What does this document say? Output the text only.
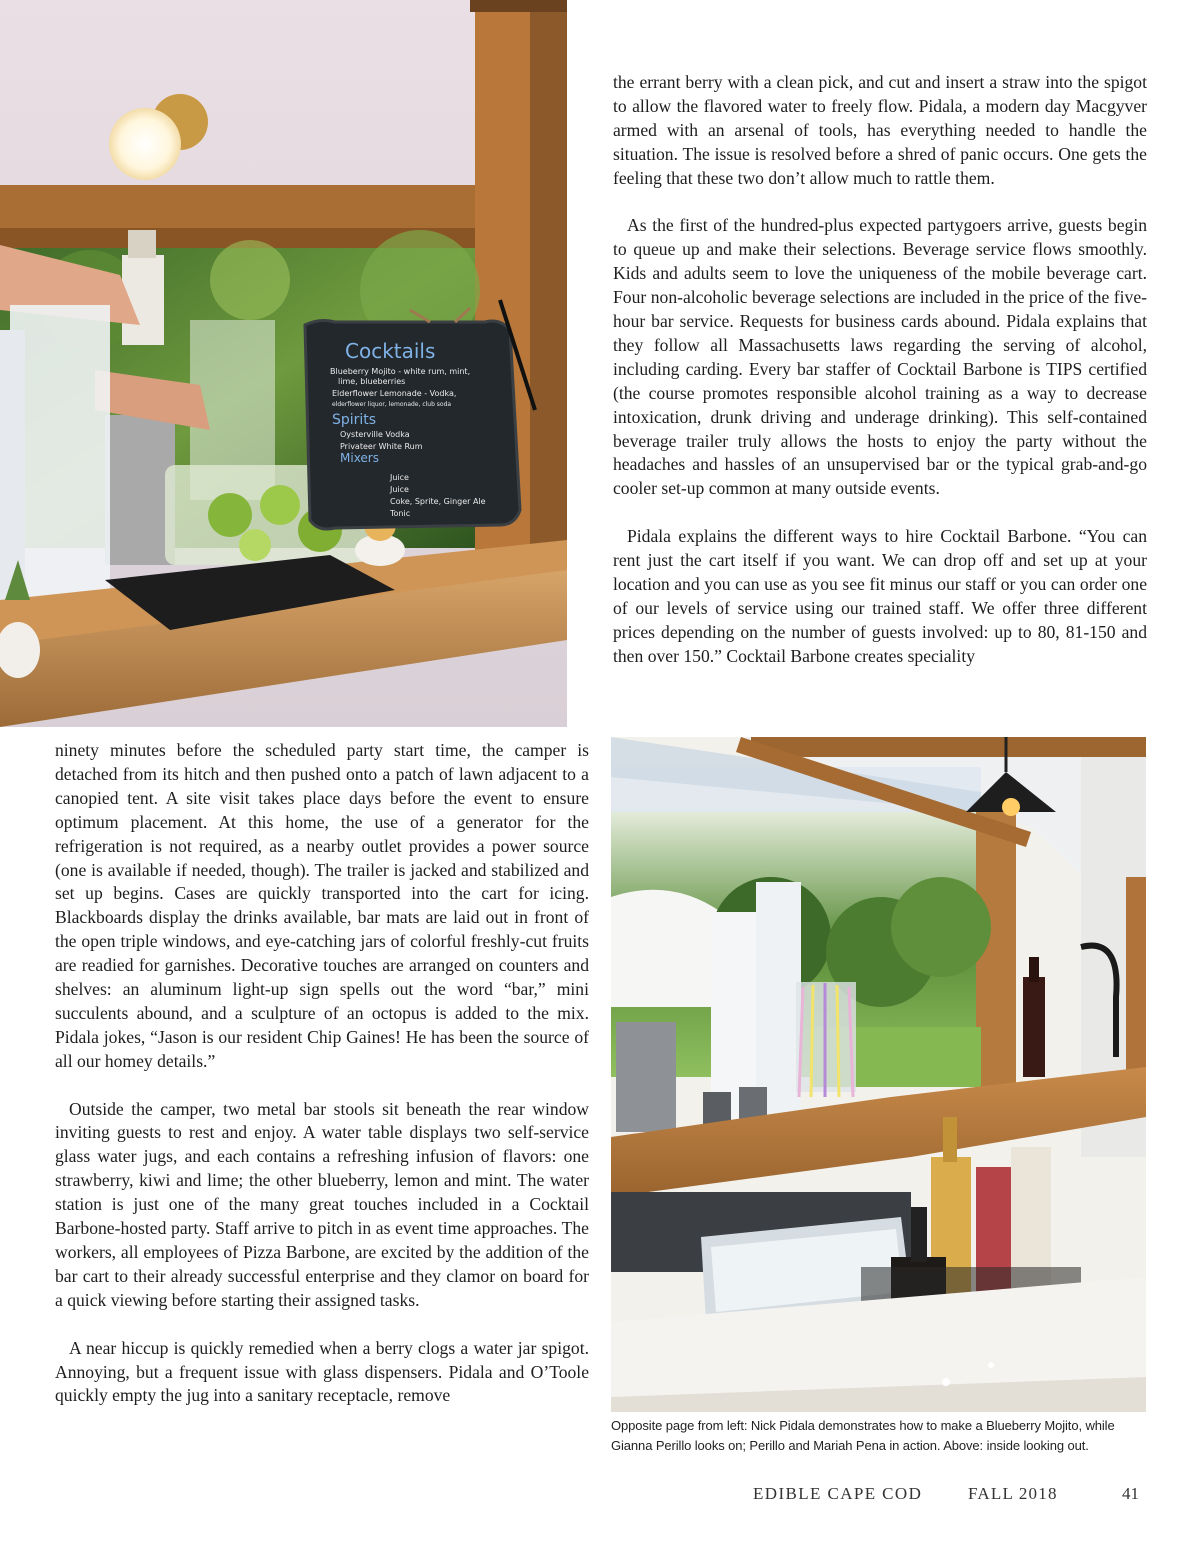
Cocktails
Blueberry Mojito - white rum, mint,
lime, blueberries
Elderflower Lemonade - Vodka,
elderflower liquor, lemonade, club soda
Spirits
Oysterville Vodka
Privateer White Rum
Mixers
Juice
Juice
Coke, Sprite, Ginger Ale
Tonic

the errant berry with a clean pick, and cut and insert a straw into the spigot to allow the flavored water to freely flow. Pidala, a modern day Macgyver armed with an arsenal of tools, has everything needed to handle the situation. The issue is resolved before a shred of panic occurs. One gets the feeling that these two don’t allow much to rattle them.

As the first of the hundred-plus expected partygoers arrive, guests begin to queue up and make their selections. Beverage service flows smoothly. Kids and adults seem to love the uniqueness of the mobile beverage cart. Four non-alcoholic beverage selections are included in the price of the five-hour bar service. Requests for business cards abound. Pidala explains that they follow all Massachusetts laws regarding the serving of alcohol, including carding. Every bar staffer of Cocktail Barbone is TIPS certified (the course promotes responsible alcohol training as a way to decrease intoxication, drunk driving and underage drinking). This self-contained beverage trailer truly allows the hosts to enjoy the party without the headaches and hassles of an unsupervised bar or the typical grab-and-go cooler set-up common at many outside events.

Pidala explains the different ways to hire Cocktail Barbone. “You can rent just the cart itself if you want. We can drop off and set up at your location and you can use as you see fit minus our staff or you can order one of our levels of service using our trained staff. We offer three different prices depending on the number of guests involved: up to 80, 81-150 and then over 150.” Cocktail Barbone creates speciality

ninety minutes before the scheduled party start time, the camper is detached from its hitch and then pushed onto a patch of lawn adjacent to a canopied tent. A site visit takes place days before the event to ensure optimum placement. At this home, the use of a generator for the refrigeration is not required, as a nearby outlet provides a power source (one is available if needed, though). The trailer is jacked and stabilized and set up begins. Cases are quickly transported into the cart for icing. Blackboards display the drinks available, bar mats are laid out in front of the open triple windows, and eye-catching jars of colorful freshly-cut fruits are readied for garnishes. Decorative touches are arranged on counters and shelves: an aluminum light-up sign spells out the word “bar,” mini succulents abound, and a sculpture of an octopus is added to the mix. Pidala jokes, “Jason is our resident Chip Gaines! He has been the source of all our homey details.”

Outside the camper, two metal bar stools sit beneath the rear window inviting guests to rest and enjoy. A water table displays two self-service glass water jugs, and each contains a refreshing infusion of flavors: one strawberry, kiwi and lime; the other blueberry, lemon and mint. The water station is just one of the many great touches included in a Cocktail Barbone-hosted party. Staff arrive to pitch in as event time approaches. The workers, all employees of Pizza Barbone, are excited by the addition of the bar cart to their already successful enterprise and they clamor on board for a quick viewing before starting their assigned tasks.

A near hiccup is quickly remedied when a berry clogs a water jar spigot. Annoying, but a frequent issue with glass dispensers. Pidala and O’Toole quickly empty the jug into a sanitary receptacle, remove

Opposite page from left: Nick Pidala demonstrates how to make a Blueberry Mojito, while Gianna Perillo looks on; Perillo and Mariah Pena in action. Above: inside looking out.
EDIBLE CAPE COD	FALL 2018	41
